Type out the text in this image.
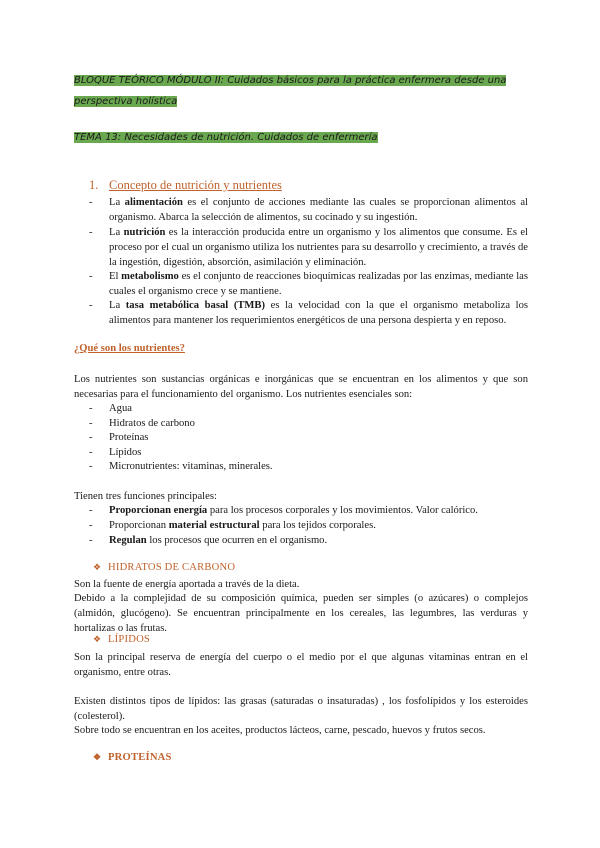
BLOQUE TEÓRICO MÓDULO II: Cuidados básicos para la práctica enfermera desde una
perspectiva holística
TEMA 13: Necesidades de nutrición. Cuidados de enfermería
1. Concepto de nutrición y nutrientes
- La alimentación es el conjunto de acciones mediante las cuales se proporcionan alimentos al organismo. Abarca la selección de alimentos, su cocinado y su ingestión.
- La nutrición es la interacción producida entre un organismo y los alimentos que consume. Es el proceso por el cual un organismo utiliza los nutrientes para su desarrollo y crecimiento, a través de la ingestión, digestión, absorción, asimilación y eliminación.
- El metabolismo es el conjunto de reacciones bioquímicas realizadas por las enzimas, mediante las cuales el organismo crece y se mantiene.
- La tasa metabólica basal (TMB) es la velocidad con la que el organismo metaboliza los alimentos para mantener los requerimientos energéticos de una persona despierta y en reposo.
¿Qué son los nutrientes?
Los nutrientes son sustancias orgánicas e inorgánicas que se encuentran en los alimentos y que son necesarias para el funcionamiento del organismo. Los nutrientes esenciales son:
- Agua
- Hidratos de carbono
- Proteínas
- Lípidos
- Micronutrientes: vitaminas, minerales.
Tienen tres funciones principales:
- Proporcionan energía para los procesos corporales y los movimientos. Valor calórico.
- Proporcionan material estructural para los tejidos corporales.
- Regulan los procesos que ocurren en el organismo.
❖ HIDRATOS DE CARBONO
Son la fuente de energía aportada a través de la dieta.
Debido a la complejidad de su composición química, pueden ser simples (o azúcares) o complejos (almidón, glucógeno). Se encuentran principalmente en los cereales, las legumbres, las verduras y hortalizas o las frutas.
❖ LÍPIDOS
Son la principal reserva de energía del cuerpo o el medio por el que algunas vitaminas entran en el organismo, entre otras.
Existen distintos tipos de lípidos: las grasas (saturadas o insaturadas) , los fosfolípidos y los esteroides (colesterol).
Sobre todo se encuentran en los aceites, productos lácteos, carne, pescado, huevos y frutos secos.
❖ PROTEÍNAS
